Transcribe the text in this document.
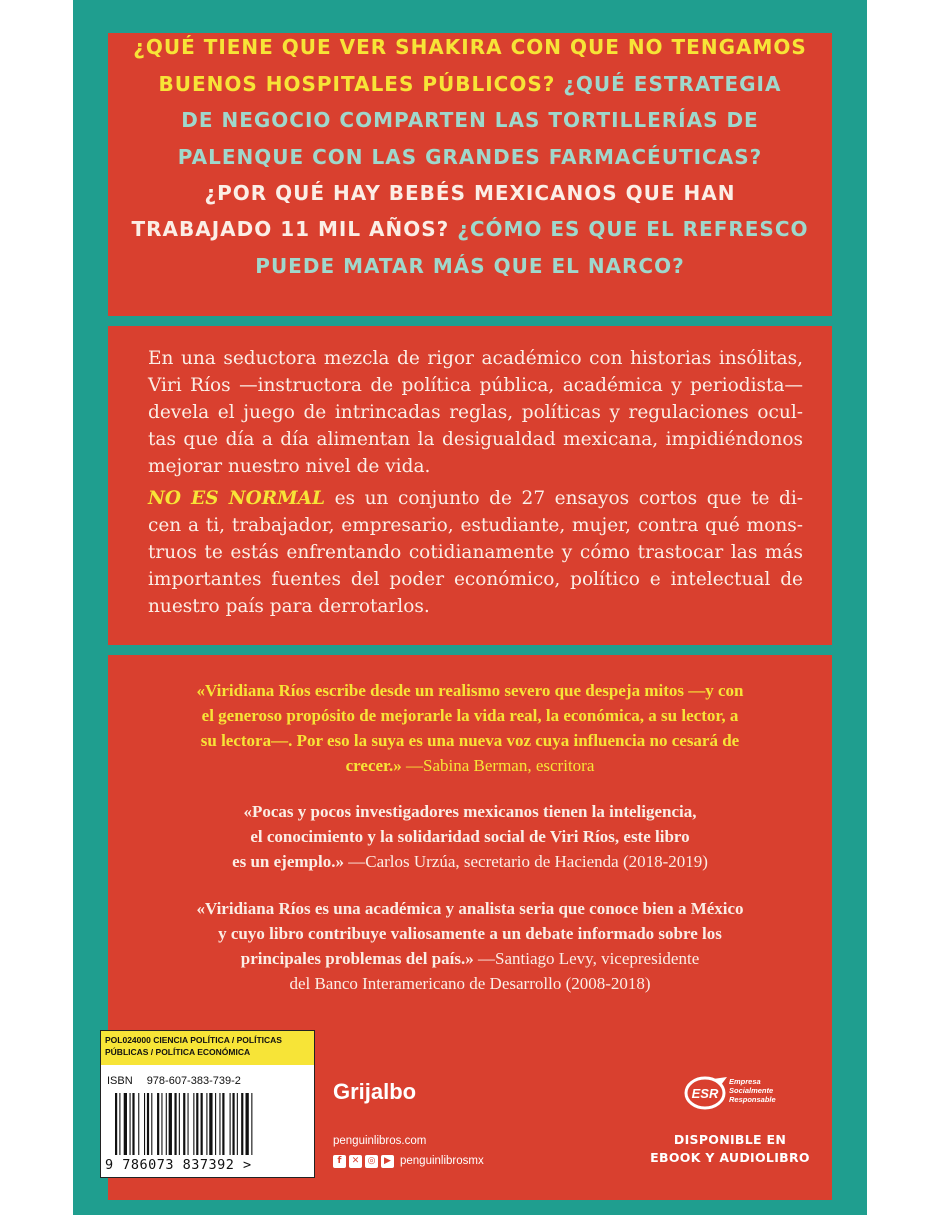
¿QUÉ TIENE QUE VER SHAKIRA CON QUE NO TENGAMOS
BUENOS HOSPITALES PÚBLICOS? ¿QUÉ ESTRATEGIA
DE NEGOCIO COMPARTEN LAS TORTILLERÍAS DE
PALENQUE CON LAS GRANDES FARMACÉUTICAS?
¿POR QUÉ HAY BEBÉS MEXICANOS QUE HAN
TRABAJADO 11 MIL AÑOS? ¿CÓMO ES QUE EL REFRESCO
PUEDE MATAR MÁS QUE EL NARCO?
En una seductora mezcla de rigor académico con historias insólitas,
Viri Ríos —instructora de política pública, académica y periodista—
devela el juego de intrincadas reglas, políticas y regulaciones ocul-
tas que día a día alimentan la desigualdad mexicana, impidiéndonos
mejorar nuestro nivel de vida.
NO ES NORMAL es un conjunto de 27 ensayos cortos que te di-
cen a ti, trabajador, empresario, estudiante, mujer, contra qué mons-
truos te estás enfrentando cotidianamente y cómo trastocar las más
importantes fuentes del poder económico, político e intelectual de
nuestro país para derrotarlos.
«Viridiana Ríos escribe desde un realismo severo que despeja mitos —y con
el generoso propósito de mejorarle la vida real, la económica, a su lector, a
su lectora—. Por eso la suya es una nueva voz cuya influencia no cesará de
crecer.» —Sabina Berman, escritora
«Pocas y pocos investigadores mexicanos tienen la inteligencia,
el conocimiento y la solidaridad social de Viri Ríos, este libro
es un ejemplo.» —Carlos Urzúa, secretario de Hacienda (2018-2019)
«Viridiana Ríos es una académica y analista seria que conoce bien a México
y cuyo libro contribuye valiosamente a un debate informado sobre los
principales problemas del país.» —Santiago Levy, vicepresidente
del Banco Interamericano de Desarrollo (2008-2018)
POL024000 CIENCIA POLÍTICA / POLÍTICAS
PÚBLICAS / POLÍTICA ECONÓMICA
ISBN 978-607-383-739-2
9 786073 837392 >
Grijalbo
penguinlibros.com
f	✕ ◎ ▶ penguinlibrosmx
ESR
Empresa
Socialmente
Responsable
DISPONIBLE EN
EBOOK Y AUDIOLIBRO
